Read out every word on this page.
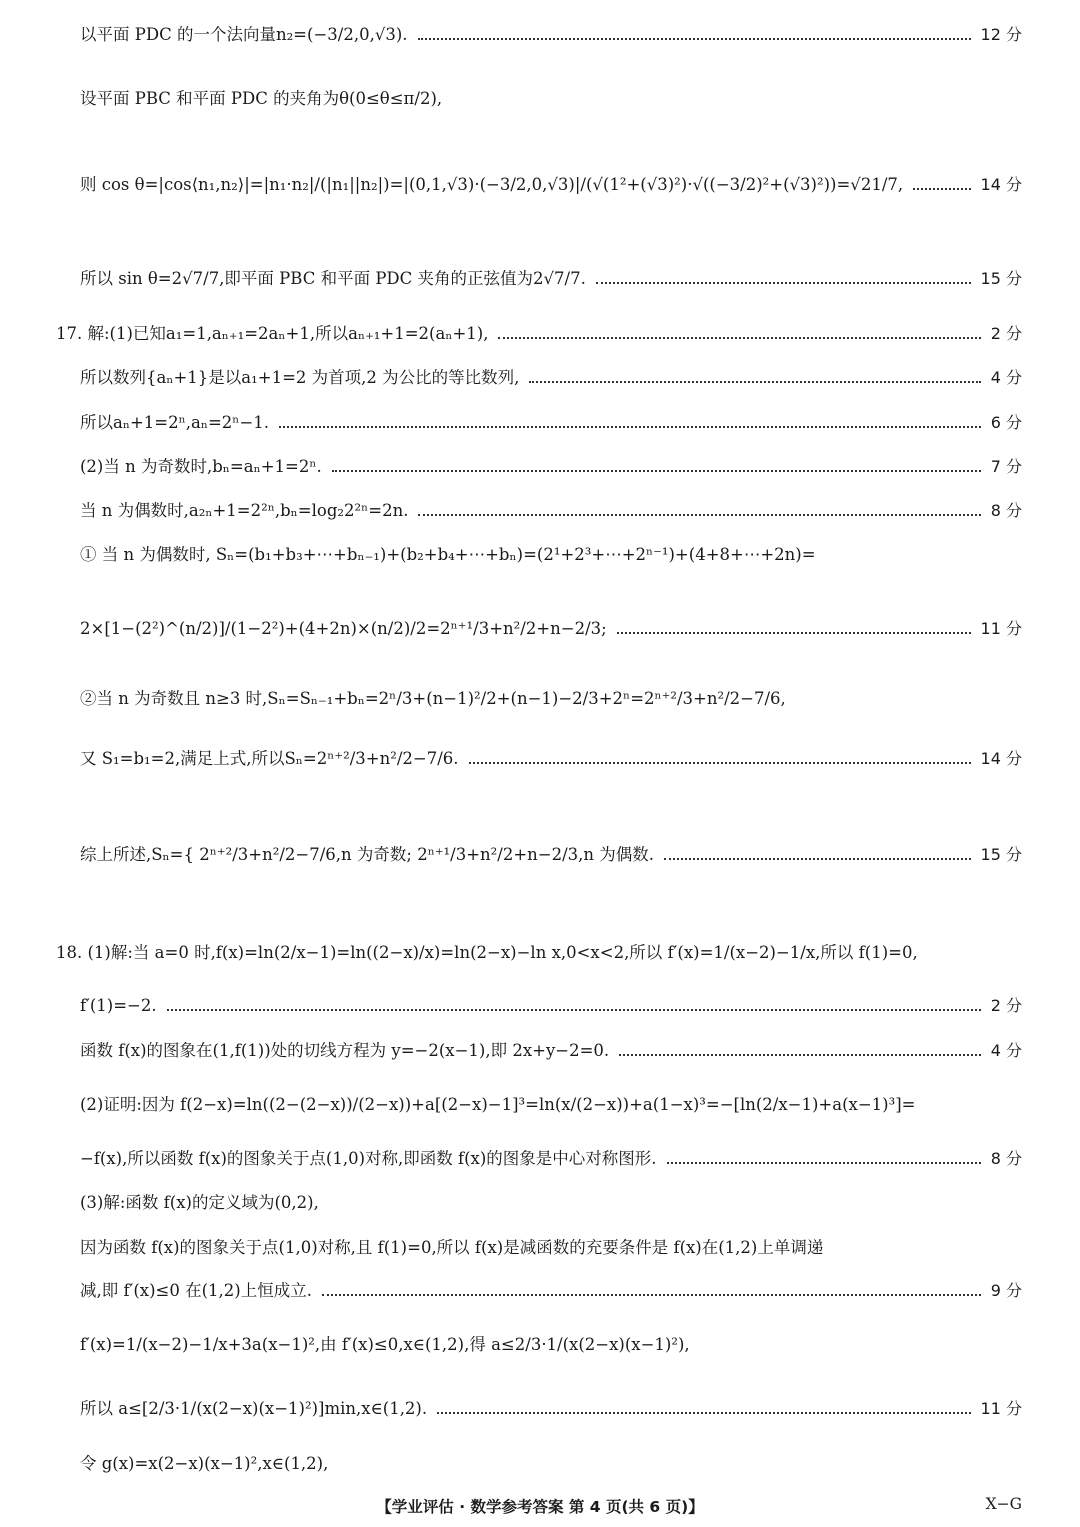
以平面 PDC 的一个法向量n₂=(−3/2,0,√3).	12 分
设平面 PBC 和平面 PDC 的夹角为θ(0≤θ≤π/2),
则 cos θ=|cos⟨n₁,n₂⟩|=|n₁·n₂|/(|n₁||n₂|)=|(0,1,√3)·(−3/2,0,√3)|/(√(1²+(√3)²)·√((−3/2)²+(√3)²))=√21/7,	14 分
所以 sin θ=2√7/7,即平面 PBC 和平面 PDC 夹角的正弦值为2√7/7.	15 分
17. 解:(1)已知a₁=1,aₙ₊₁=2aₙ+1,所以aₙ₊₁+1=2(aₙ+1),	2 分
所以数列{aₙ+1}是以a₁+1=2 为首项,2 为公比的等比数列,	4 分
所以aₙ+1=2ⁿ,aₙ=2ⁿ−1.	6 分
(2)当 n 为奇数时,bₙ=aₙ+1=2ⁿ.	7 分
当 n 为偶数时,a₂ₙ+1=2²ⁿ,bₙ=log₂2²ⁿ=2n.	8 分
① 当 n 为偶数时, Sₙ=(b₁+b₃+⋯+bₙ₋₁)+(b₂+b₄+⋯+bₙ)=(2¹+2³+⋯+2ⁿ⁻¹)+(4+8+⋯+2n)=
2×[1−(2²)^(n/2)]/(1−2²)+(4+2n)×(n/2)/2=2ⁿ⁺¹/3+n²/2+n−2/3;	11 分
②当 n 为奇数且 n≥3 时,Sₙ=Sₙ₋₁+bₙ=2ⁿ/3+(n−1)²/2+(n−1)−2/3+2ⁿ=2ⁿ⁺²/3+n²/2−7/6,
又 S₁=b₁=2,满足上式,所以Sₙ=2ⁿ⁺²/3+n²/2−7/6.	14 分
综上所述,Sₙ={ 2ⁿ⁺²/3+n²/2−7/6,n 为奇数; 2ⁿ⁺¹/3+n²/2+n−2/3,n 为偶数.	15 分
18. (1)解:当 a=0 时,f(x)=ln(2/x−1)=ln((2−x)/x)=ln(2−x)−ln x,0<x<2,所以 f′(x)=1/(x−2)−1/x,所以 f(1)=0,
f′(1)=−2.	2 分
函数 f(x)的图象在(1,f(1))处的切线方程为 y=−2(x−1),即 2x+y−2=0.	4 分
(2)证明:因为 f(2−x)=ln((2−(2−x))/(2−x))+a[(2−x)−1]³=ln(x/(2−x))+a(1−x)³=−[ln(2/x−1)+a(x−1)³]=
−f(x),所以函数 f(x)的图象关于点(1,0)对称,即函数 f(x)的图象是中心对称图形.	8 分
(3)解:函数 f(x)的定义域为(0,2),
因为函数 f(x)的图象关于点(1,0)对称,且 f(1)=0,所以 f(x)是减函数的充要条件是 f(x)在(1,2)上单调递
减,即 f′(x)≤0 在(1,2)上恒成立.	9 分
f′(x)=1/(x−2)−1/x+3a(x−1)²,由 f′(x)≤0,x∈(1,2),得 a≤2/3·1/(x(2−x)(x−1)²),
所以 a≤[2/3·1/(x(2−x)(x−1)²)]min,x∈(1,2).	11 分
令 g(x)=x(2−x)(x−1)²,x∈(1,2),
【学业评估 · 数学参考答案 第 4 页(共 6 页)】	X−G
